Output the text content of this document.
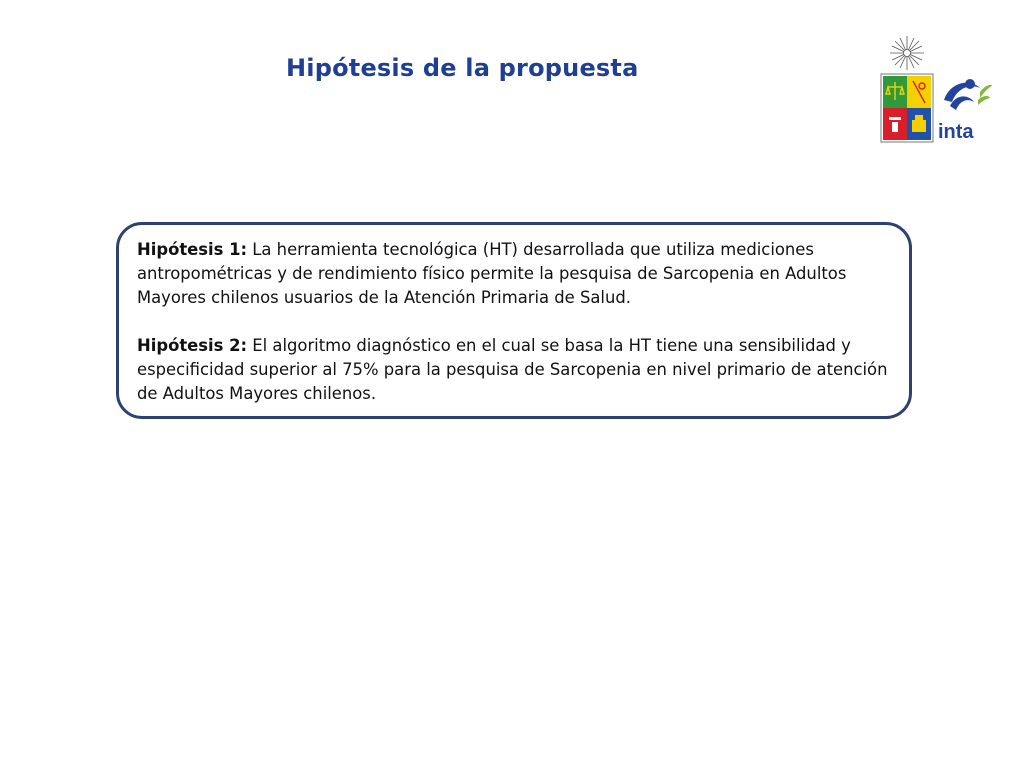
Hipótesis de la propuesta
inta

Hipótesis 1: La herramienta tecnológica (HT) desarrollada que utiliza mediciones antropométricas y de rendimiento físico permite la pesquisa de Sarcopenia en Adultos Mayores chilenos usuarios de la Atención Primaria de Salud.

Hipótesis 2: El algoritmo diagnóstico en el cual se basa la HT tiene una sensibilidad y especificidad superior al 75% para la pesquisa de Sarcopenia en nivel primario de atención de Adultos Mayores chilenos.
